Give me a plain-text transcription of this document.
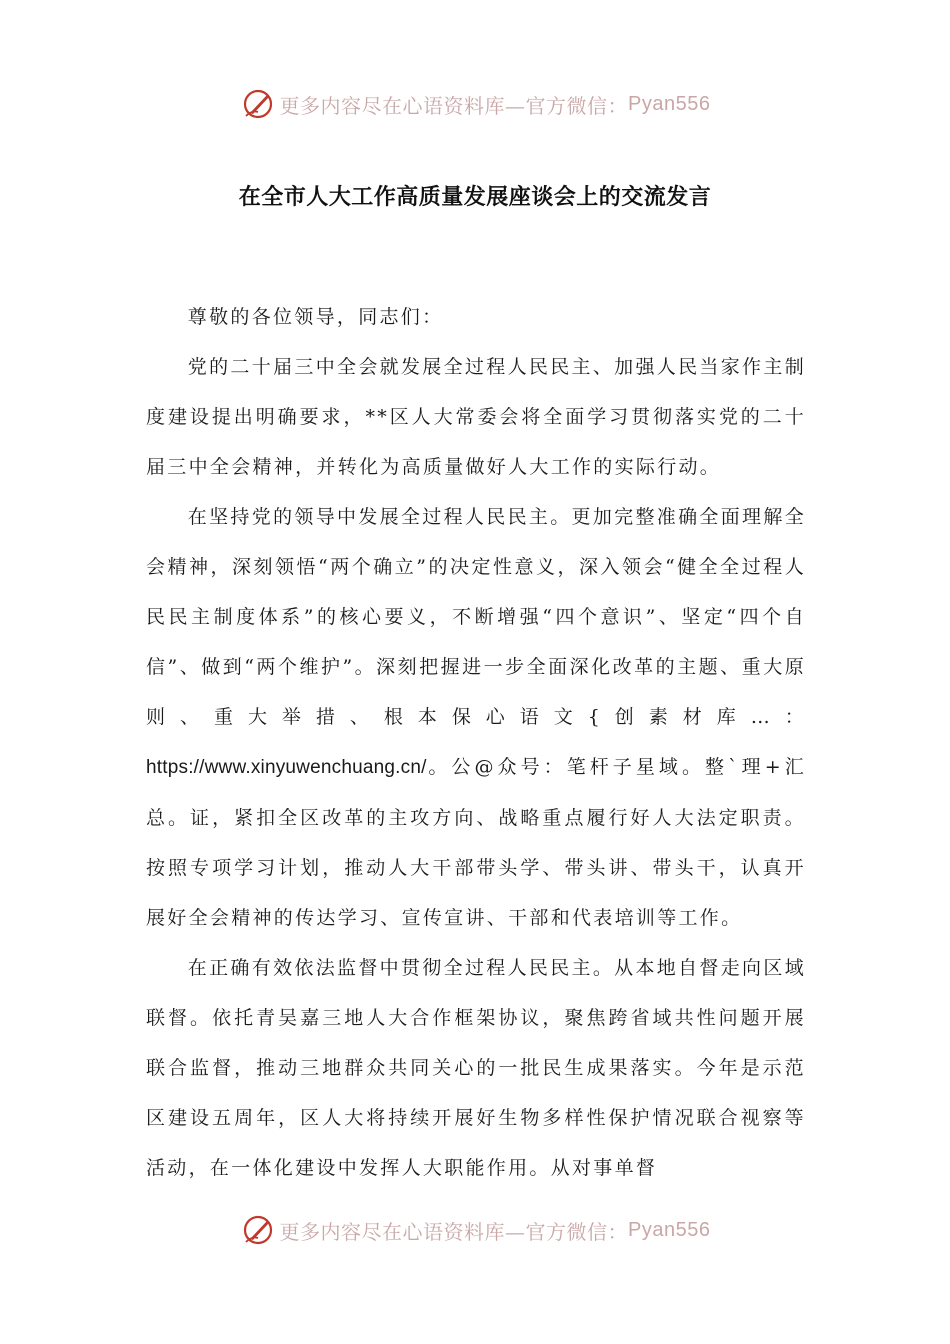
更多内容尽在心语资料库—官方微信： Pyan556
在全市人大工作高质量发展座谈会上的交流发言

尊敬的各位领导，同志们：

党的二十届三中全会就发展全过程人民民主、加强人民当家作主制度建设提出明确要求，**区人大常委会将全面学习贯彻落实党的二十届三中全会精神，并转化为高质量做好人大工作的实际行动。

在坚持党的领导中发展全过程人民民主。更加完整准确全面理解全会精神，深刻领悟“两个确立”的决定性意义，深入领会“健全全过程人民民主制度体系”的核心要义，不断增强“四个意识”、坚定“四个自信”、做到“两个维护”。深刻把握进一步全面深化改革的主题、重大原则、重大举措、根本保心语文{创素材库…：https://www.xinyuwenchuang.cn/。公@众号：笔杆子星域。整`理+汇总。证，紧扣全区改革的主攻方向、战略重点履行好人大法定职责。按照专项学习计划，推动人大干部带头学、带头讲、带头干，认真开展好全会精神的传达学习、宣传宣讲、干部和代表培训等工作。

在正确有效依法监督中贯彻全过程人民民主。从本地自督走向区域联督。依托青吴嘉三地人大合作框架协议，聚焦跨省域共性问题开展联合监督，推动三地群众共同关心的一批民生成果落实。今年是示范区建设五周年，区人大将持续开展好生物多样性保护情况联合视察等活动，在一体化建设中发挥人大职能作用。从对事单督

更多内容尽在心语资料库—官方微信： Pyan556
